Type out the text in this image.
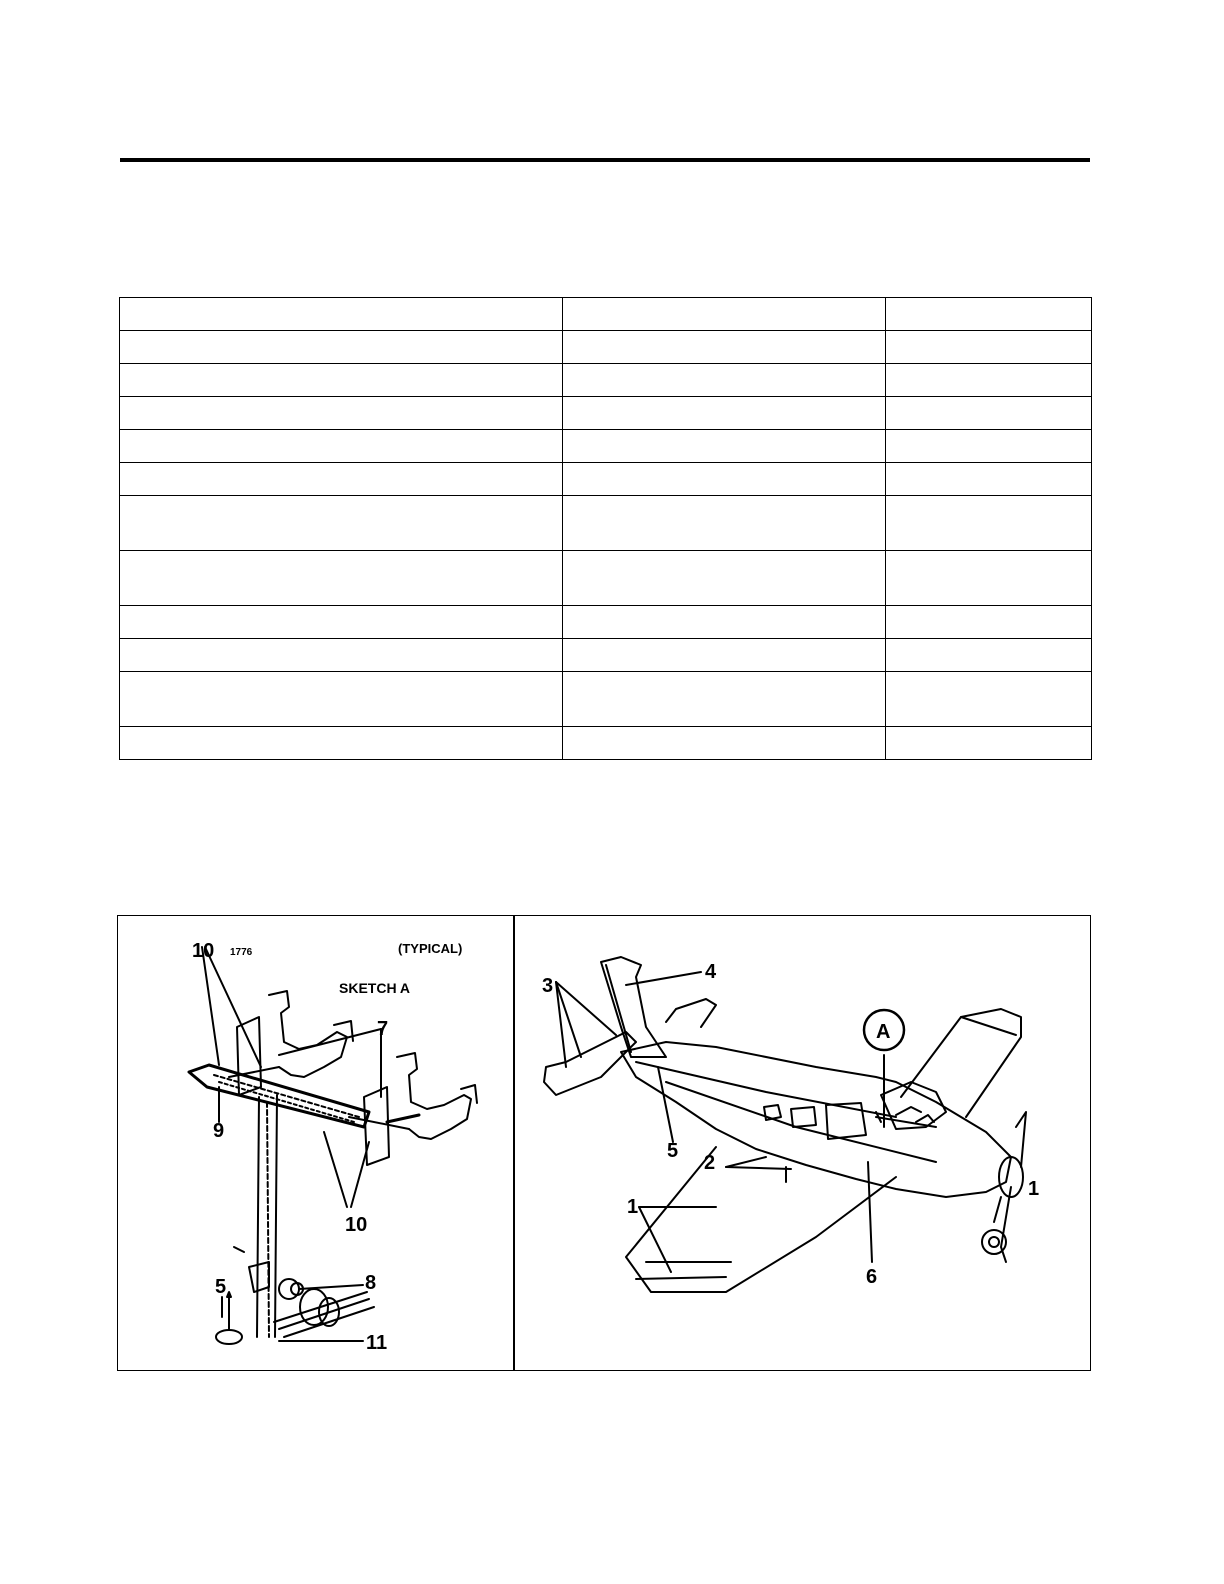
10 1776	(TYPICAL)
SKETCH A
7
9
10
8
5
11
A
4
3
5
2
1
6
1
